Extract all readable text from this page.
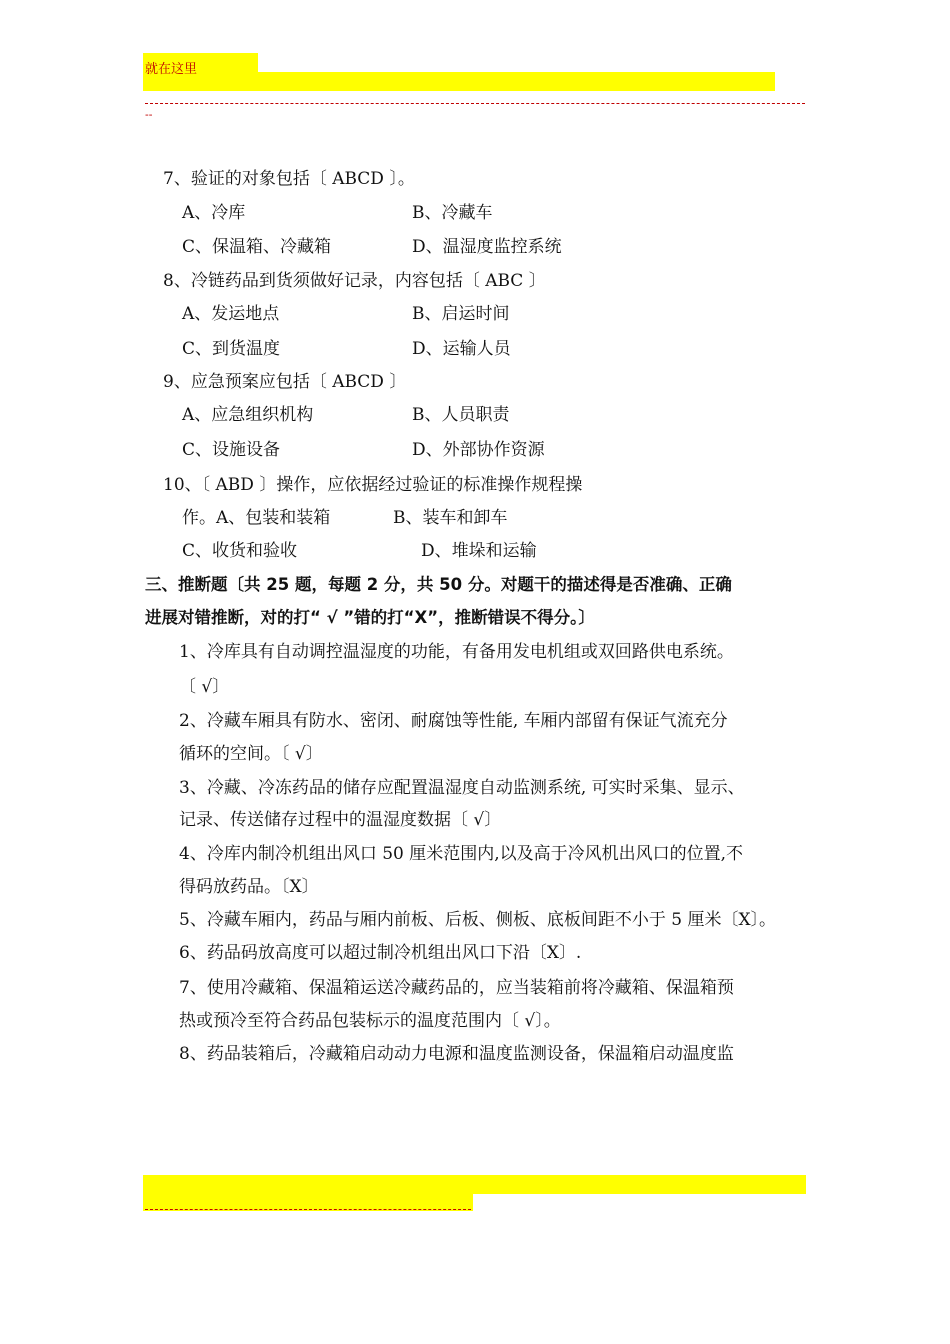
就在这里
--
7、验证的对象包括〔 ABCD 〕。
A、冷库	B、冷藏车
C、保温箱、冷藏箱	D、温湿度监控系统
8、冷链药品到货须做好记录，内容包括〔 ABC 〕
A、发运地点	B、启运时间
C、到货温度	D、运输人员
9、应急预案应包括〔 ABCD 〕
A、应急组织机构	B、人员职责
C、设施设备	D、外部协作资源
10、〔 ABD 〕操作，应依据经过验证的标准操作规程操
作。A、包装和装箱	B、装车和卸车
C、收货和验收	D、堆垛和运输
三、推断题〔共 25 题，每题 2 分，共 50 分。对题干的描述得是否准确、正确
进展对错推断，对的打“ √ ”错的打“X”，推断错误不得分。〕
1、冷库具有自动调控温湿度的功能，有备用发电机组或双回路供电系统。
〔 √〕
2、冷藏车厢具有防水、密闭、耐腐蚀等性能, 车厢内部留有保证气流充分
循环的空间。〔 √〕
3、冷藏、冷冻药品的储存应配置温湿度自动监测系统, 可实时采集、显示、
记录、传送储存过程中的温湿度数据〔 √〕
4、冷库内制冷机组出风口 50 厘米范围内,以及高于冷风机出风口的位置,不
得码放药品。〔X〕
5、冷藏车厢内，药品与厢内前板、后板、侧板、底板间距不小于 5 厘米〔X〕。
6、药品码放高度可以超过制冷机组出风口下沿〔X〕.
7、使用冷藏箱、保温箱运送冷藏药品的，应当装箱前将冷藏箱、保温箱预
热或预冷至符合药品包装标示的温度范围内〔 √〕。
8、药品装箱后，冷藏箱启动动力电源和温度监测设备，保温箱启动温度监
